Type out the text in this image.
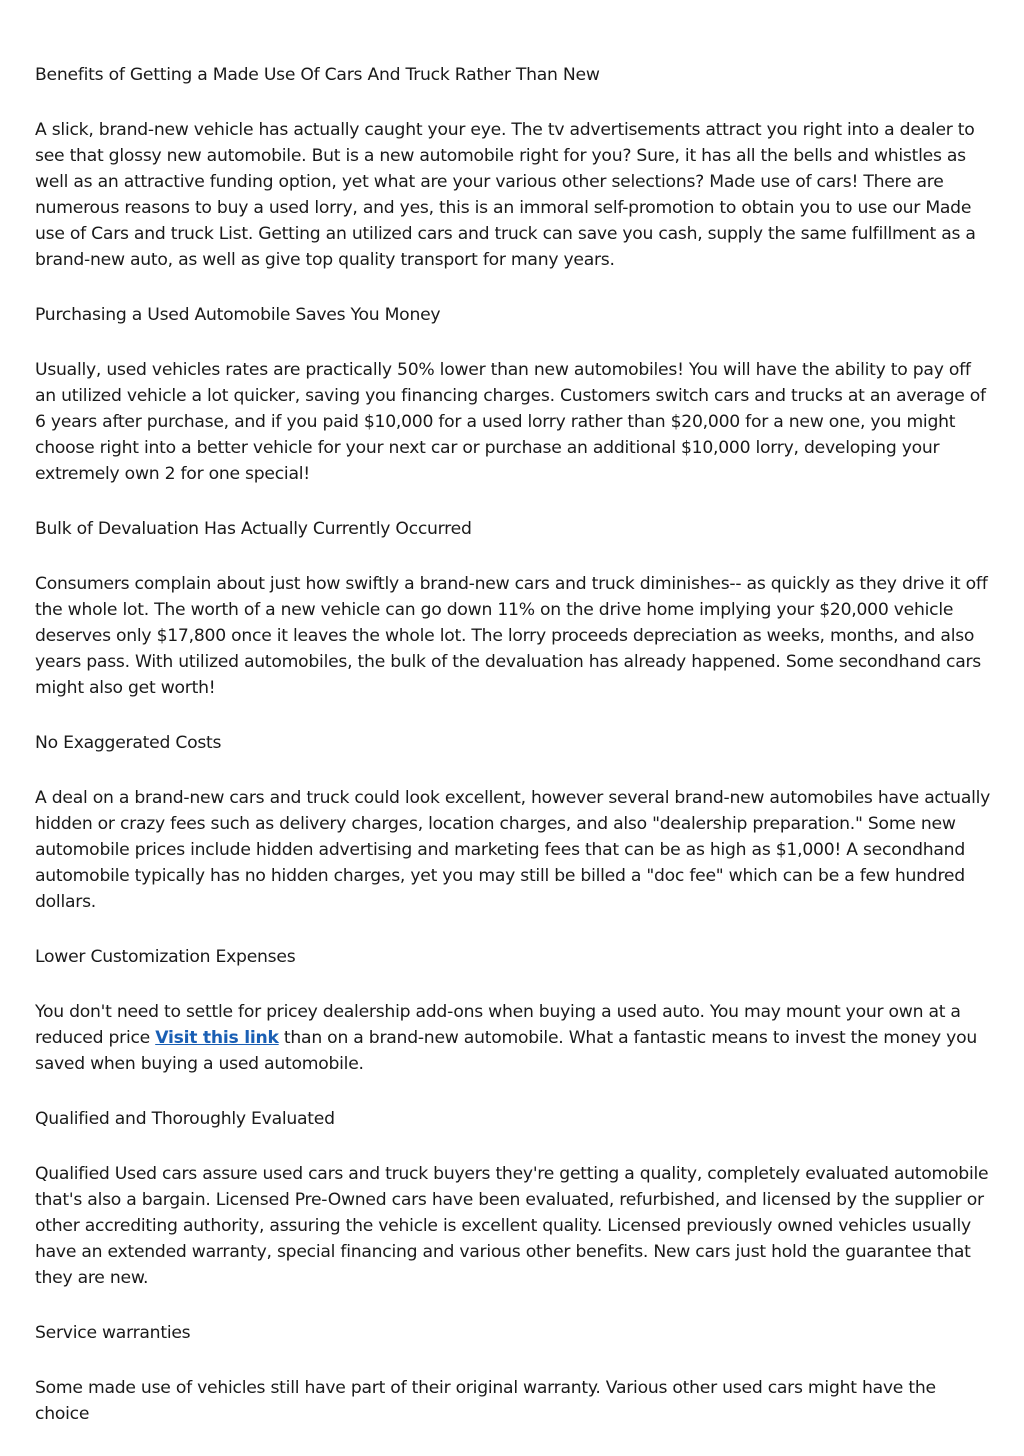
Benefits of Getting a Made Use Of Cars And Truck Rather Than New

A slick, brand-new vehicle has actually caught your eye. The tv advertisements attract you right into a dealer to see that glossy new automobile. But is a new automobile right for you? Sure, it has all the bells and whistles as well as an attractive funding option, yet what are your various other selections? Made use of cars! There are numerous reasons to buy a used lorry, and yes, this is an immoral self-promotion to obtain you to use our Made use of Cars and truck List. Getting an utilized cars and truck can save you cash, supply the same fulfillment as a brand-new auto, as well as give top quality transport for many years.

Purchasing a Used Automobile Saves You Money

Usually, used vehicles rates are practically 50% lower than new automobiles! You will have the ability to pay off an utilized vehicle a lot quicker, saving you financing charges. Customers switch cars and trucks at an average of 6 years after purchase, and if you paid $10,000 for a used lorry rather than $20,000 for a new one, you might choose right into a better vehicle for your next car or purchase an additional $10,000 lorry, developing your extremely own 2 for one special!

Bulk of Devaluation Has Actually Currently Occurred

Consumers complain about just how swiftly a brand-new cars and truck diminishes-- as quickly as they drive it off the whole lot. The worth of a new vehicle can go down 11% on the drive home implying your $20,000 vehicle deserves only $17,800 once it leaves the whole lot. The lorry proceeds depreciation as weeks, months, and also years pass. With utilized automobiles, the bulk of the devaluation has already happened. Some secondhand cars might also get worth!

No Exaggerated Costs

A deal on a brand-new cars and truck could look excellent, however several brand-new automobiles have actually hidden or crazy fees such as delivery charges, location charges, and also "dealership preparation." Some new automobile prices include hidden advertising and marketing fees that can be as high as $1,000! A secondhand automobile typically has no hidden charges, yet you may still be billed a "doc fee" which can be a few hundred dollars.

Lower Customization Expenses

You don't need to settle for pricey dealership add-ons when buying a used auto. You may mount your own at a reduced price Visit this link than on a brand-new automobile. What a fantastic means to invest the money you saved when buying a used automobile.

Qualified and Thoroughly Evaluated

Qualified Used cars assure used cars and truck buyers they're getting a quality, completely evaluated automobile that's also a bargain. Licensed Pre-Owned cars have been evaluated, refurbished, and licensed by the supplier or other accrediting authority, assuring the vehicle is excellent quality. Licensed previously owned vehicles usually have an extended warranty, special financing and various other benefits. New cars just hold the guarantee that they are new.

Service warranties

Some made use of vehicles still have part of their original warranty. Various other used cars might have the choice
